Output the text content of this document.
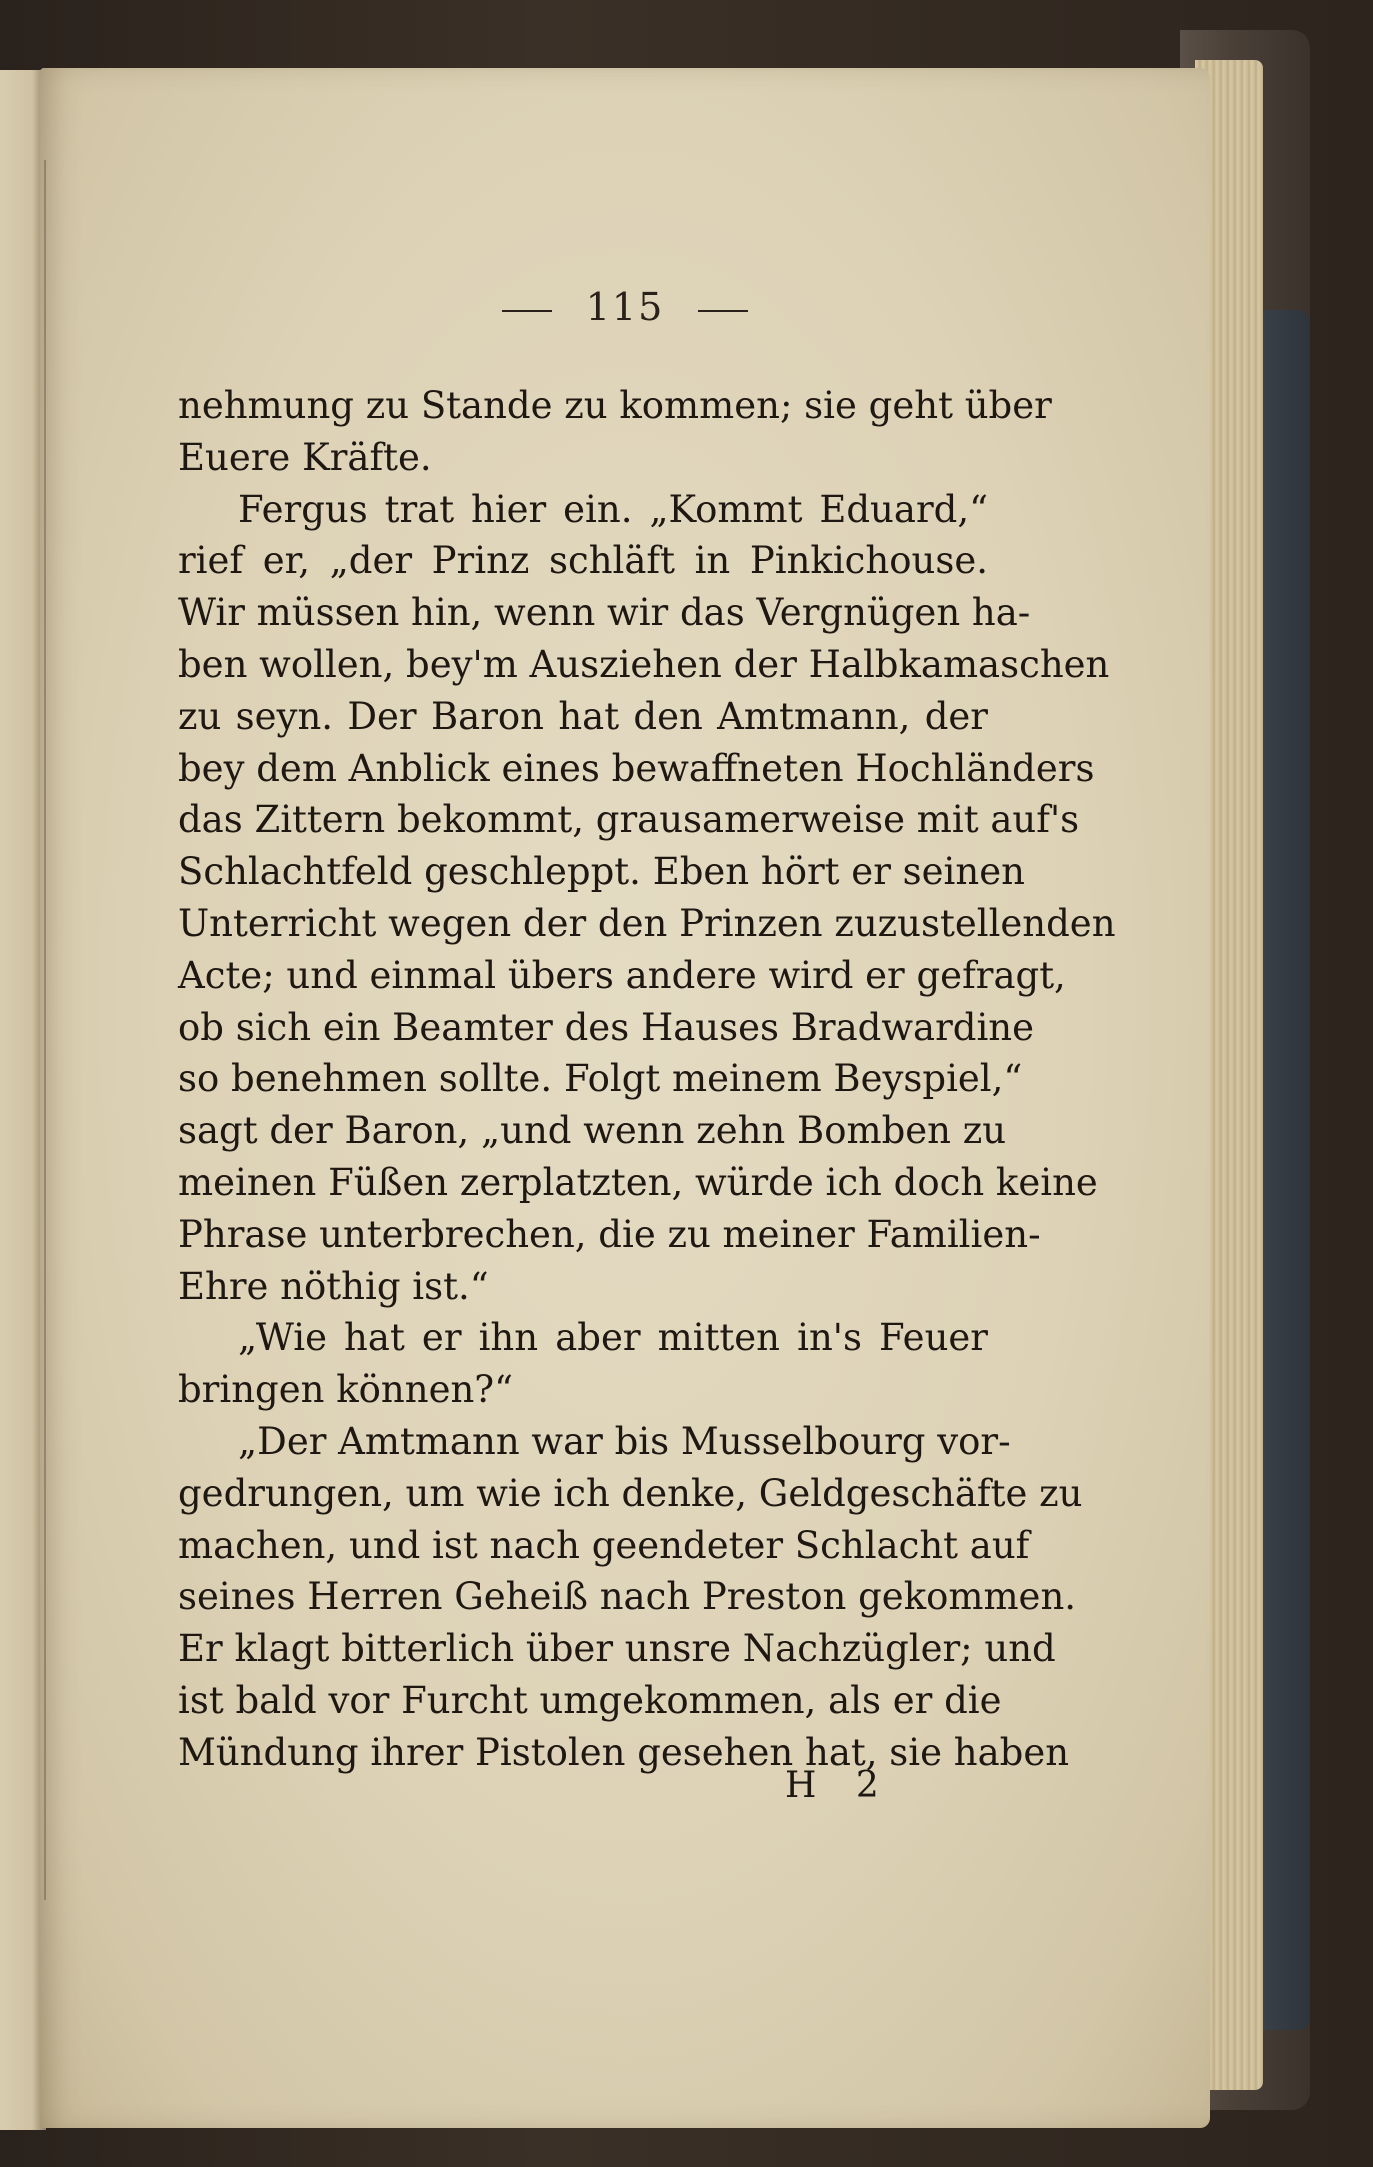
115
nehmung zu Stande zu kommen; sie geht über
Euere Kräfte.
Fergus trat hier ein. „Kommt Eduard,“
rief er, „der Prinz schläft in Pinkichouse.
Wir müssen hin, wenn wir das Vergnügen ha-
ben wollen, bey'm Ausziehen der Halbkamaschen
zu seyn. Der Baron hat den Amtmann, der
bey dem Anblick eines bewaffneten Hochländers
das Zittern bekommt, grausamerweise mit auf's
Schlachtfeld geschleppt. Eben hört er seinen
Unterricht wegen der den Prinzen zuzustellenden
Acte; und einmal übers andere wird er gefragt,
ob sich ein Beamter des Hauses Bradwardine
so benehmen sollte. Folgt meinem Beyspiel,“
sagt der Baron, „und wenn zehn Bomben zu
meinen Füßen zerplatzten, würde ich doch keine
Phrase unterbrechen, die zu meiner Familien-
Ehre nöthig ist.“
„Wie hat er ihn aber mitten in's Feuer
bringen können?“
„Der Amtmann war bis Musselbourg vor-
gedrungen, um wie ich denke, Geldgeschäfte zu
machen, und ist nach geendeter Schlacht auf
seines Herren Geheiß nach Preston gekommen.
Er klagt bitterlich über unsre Nachzügler; und
ist bald vor Furcht umgekommen, als er die
Mündung ihrer Pistolen gesehen hat, sie haben
H 2
